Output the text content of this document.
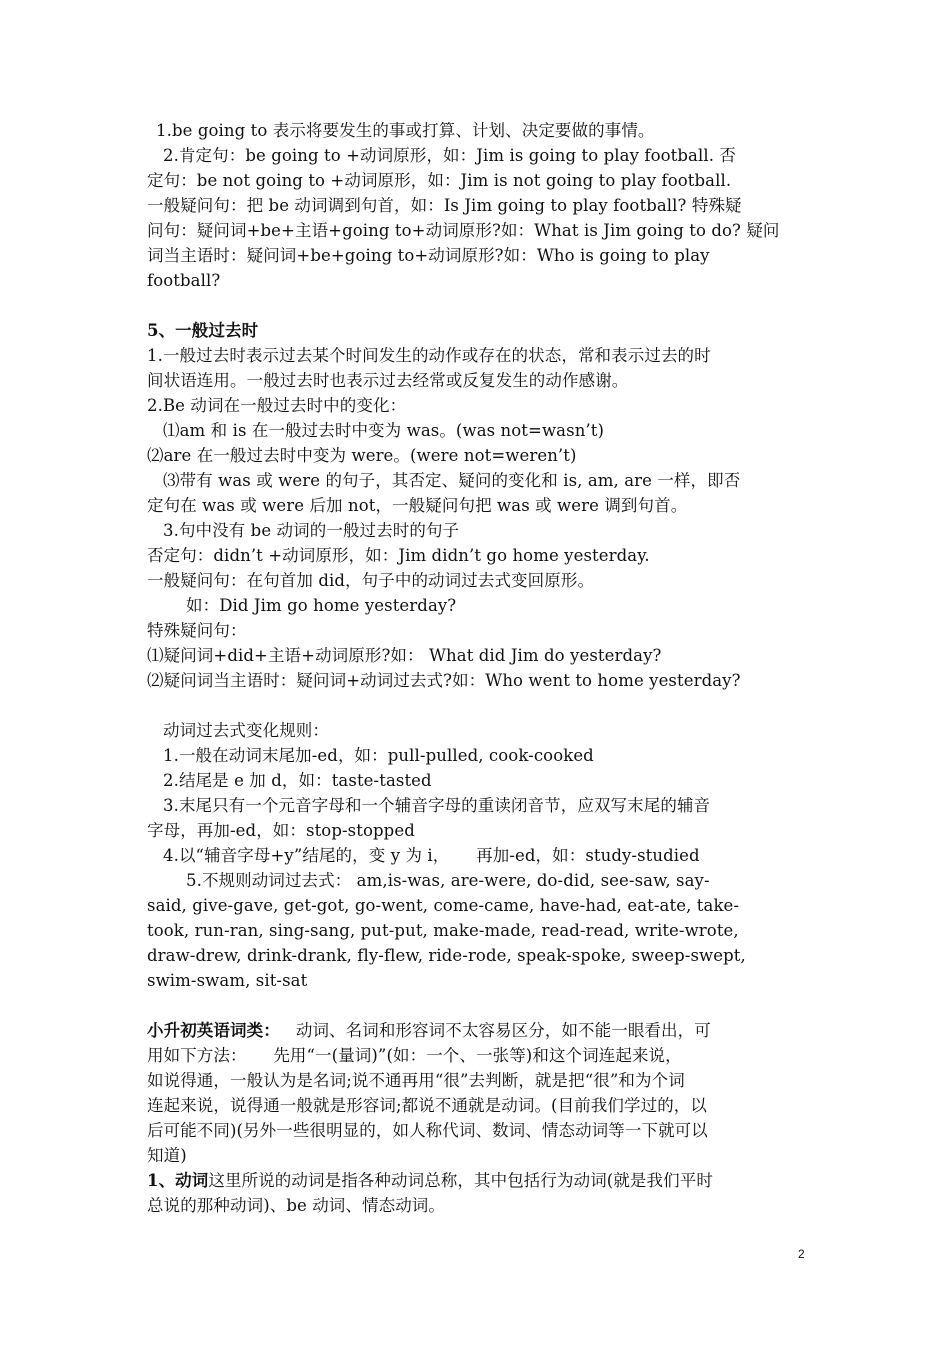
1.be going to 表示将要发生的事或打算、计划、决定要做的事情。
2.肯定句：be going to +动词原形，如：Jim is going to play football. 否
定句：be not going to +动词原形，如：Jim is not going to play football.
一般疑问句：把 be 动词调到句首，如：Is Jim going to play football? 特殊疑
问句：疑问词+be+主语+going to+动词原形?如：What is Jim going to do? 疑问
词当主语时：疑问词+be+going to+动词原形?如：Who is going to play
football?
5、一般过去时
1.一般过去时表示过去某个时间发生的动作或存在的状态，常和表示过去的时
间状语连用。一般过去时也表示过去经常或反复发生的动作感谢。
2.Be 动词在一般过去时中的变化：
⑴am 和 is 在一般过去时中变为 was。(was not=wasn’t)
⑵are 在一般过去时中变为 were。(were not=weren’t)
⑶带有 was 或 were 的句子，其否定、疑问的变化和 is, am, are 一样，即否
定句在 was 或 were 后加 not，一般疑问句把 was 或 were 调到句首。
3.句中没有 be 动词的一般过去时的句子
否定句：didn’t +动词原形，如：Jim didn’t go home yesterday.
一般疑问句：在句首加 did，句子中的动词过去式变回原形。
如：Did Jim go home yesterday?
特殊疑问句：
⑴疑问词+did+主语+动词原形?如： What did Jim do yesterday?
⑵疑问词当主语时：疑问词+动词过去式?如：Who went to home yesterday?
动词过去式变化规则：
1.一般在动词末尾加-ed，如：pull-pulled, cook-cooked
2.结尾是 e 加 d，如：taste-tasted
3.末尾只有一个元音字母和一个辅音字母的重读闭音节，应双写末尾的辅音
字母，再加-ed，如：stop-stopped
4.以“辅音字母+y”结尾的，变 y 为 i，     再加-ed，如：study-studied
5.不规则动词过去式： am,is-was, are-were, do-did, see-saw, say-
said, give-gave, get-got, go-went, come-came, have-had, eat-ate, take-
took, run-ran, sing-sang, put-put, make-made, read-read, write-wrote,
draw-drew, drink-drank, fly-flew, ride-rode, speak-spoke, sweep-swept,
swim-swam, sit-sat
小升初英语词类：   动词、名词和形容词不太容易区分，如不能一眼看出，可
用如下方法：     先用“一(量词)”(如：一个、一张等)和这个词连起来说，
如说得通，一般认为是名词;说不通再用“很”去判断，就是把“很”和为个词
连起来说，说得通一般就是形容词;都说不通就是动词。(目前我们学过的，以
后可能不同)(另外一些很明显的，如人称代词、数词、情态动词等一下就可以
知道)
1、动词这里所说的动词是指各种动词总称，其中包括行为动词(就是我们平时
总说的那种动词)、be 动词、情态动词。
2
